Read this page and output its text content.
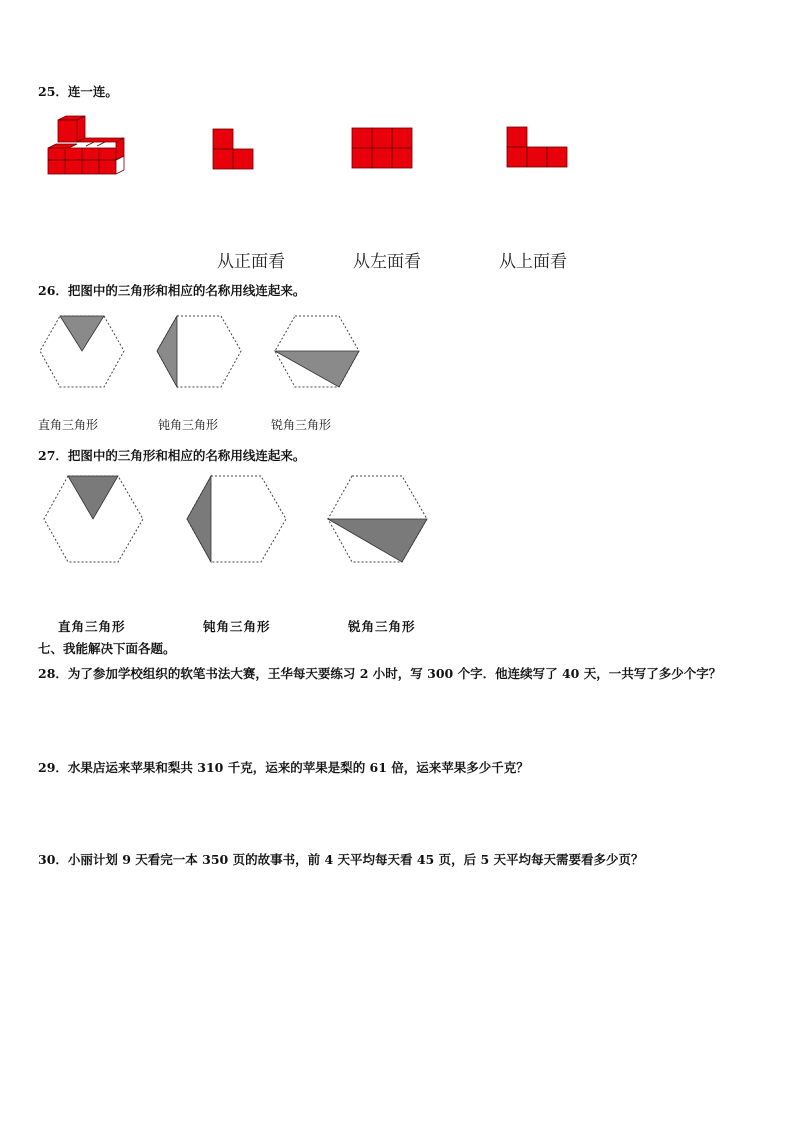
25．连一连。
从正面看	从左面看	从上面看
26．把图中的三角形和相应的名称用线连起来。
直角三角形	钝角三角形	锐角三角形
27．把图中的三角形和相应的名称用线连起来。
直角三角形	钝角三角形	锐角三角形
七、我能解决下面各题。
28．为了参加学校组织的软笔书法大赛，王华每天要练习 2 小时，写 300 个字．他连续写了 40 天，一共写了多少个字？
29．水果店运来苹果和梨共 310 千克，运来的苹果是梨的 61 倍，运来苹果多少千克？
30．小丽计划 9 天看完一本 350 页的故事书，前 4 天平均每天看 45 页，后 5 天平均每天需要看多少页？
